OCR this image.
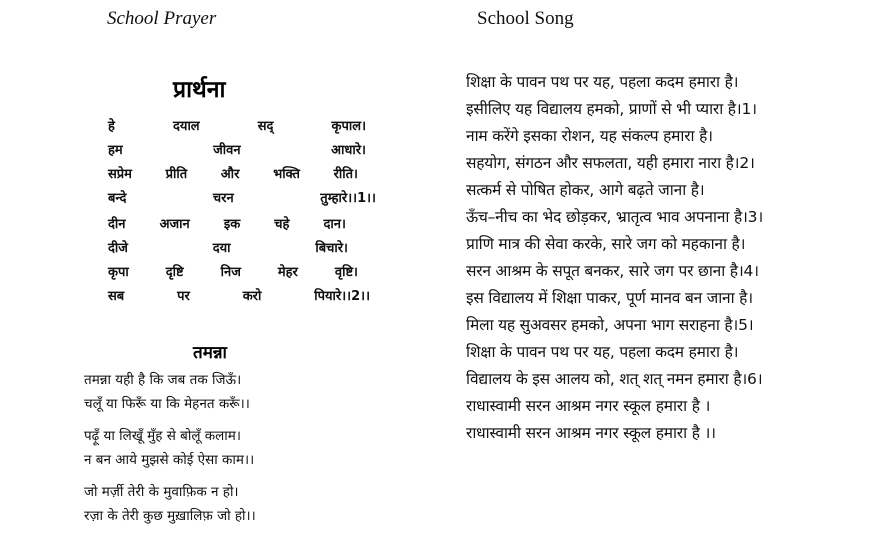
School Prayer	School Song
प्रार्थना
हे	दयाल	सद्	कृपाल।
हम	जीवन	आधारे।
सप्रेम	प्रीति	और	भक्ति	रीति।
बन्दे	चरन	तुम्हारे।।1।।
दीन	अजान	इक	चहे	दान।
दीजे	दया	बिचारे।
कृपा	दृष्टि	निज	मेहर	वृष्टि।
सब	पर	करो	पियारे।।2।।
तमन्ना
तमन्ना यही है कि जब तक जिऊँ।
चलूँ या फिरूँ या कि मेहनत करूँ।।
पढ़ूँ या लिखूँ मुँह से बोलूँ कलाम।
न बन आये मुझसे कोई ऐसा काम।।
जो मर्ज़ी तेरी के मुवाफ़िक न हो।
रज़ा के तेरी कुछ मुख़ालिफ़ जो हो।।
शिक्षा के पावन पथ पर यह, पहला कदम हमारा है।
इसीलिए यह विद्यालय हमको, प्राणों से भी प्यारा है।1।
नाम करेंगे इसका रोशन, यह संकल्प हमारा है।
सहयोग, संगठन और सफलता, यही हमारा नारा है।2।
सत्कर्म से पोषित होकर, आगे बढ़ते जाना है।
ऊँच–नीच का भेद छोड़कर, भ्रातृत्व भाव अपनाना है।3।
प्राणि मात्र की सेवा करके, सारे जग को महकाना है।
सरन आश्रम के सपूत बनकर, सारे जग पर छाना है।4।
इस विद्यालय में शिक्षा पाकर, पूर्ण मानव बन जाना है।
मिला यह सुअवसर हमको, अपना भाग सराहना है।5।
शिक्षा के पावन पथ पर यह, पहला कदम हमारा है।
विद्यालय के इस आलय को, शत् शत् नमन हमारा है।6।
राधास्वामी सरन आश्रम नगर स्कूल हमारा है ।
राधास्वामी सरन आश्रम नगर स्कूल हमारा है ।।
